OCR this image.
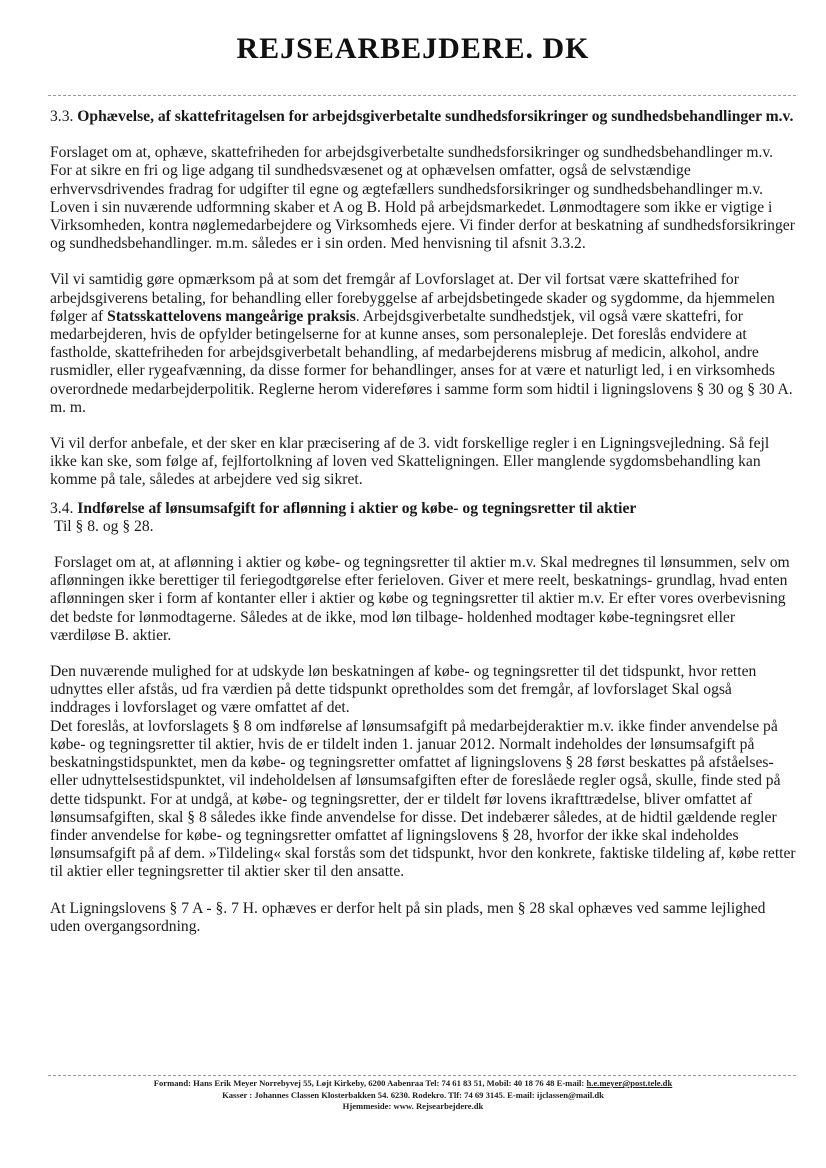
REJSEARBEJDERE. DK

3.3. Ophævelse, af skattefritagelsen for arbejdsgiverbetalte sundhedsforsikringer og sundhedsbehandlinger m.v.

Forslaget om at, ophæve, skattefriheden for arbejdsgiverbetalte sundhedsforsikringer og sundhedsbehandlinger m.v. For at sikre en fri og lige adgang til sundhedsvæsenet og at ophævelsen omfatter, også de selvstændige erhvervsdrivendes fradrag for udgifter til egne og ægtefællers sundhedsforsikringer og sundhedsbehandlinger m.v.

Loven i sin nuværende udformning skaber et A og B. Hold på arbejdsmarkedet. Lønmodtagere som ikke er vigtige i Virksomheden, kontra nøglemedarbejdere og Virksomheds ejere. Vi finder derfor at beskatning af sundhedsforsikringer og sundhedsbehandlinger. m.m. således er i sin orden. Med henvisning til afsnit 3.3.2.

Vil vi samtidig gøre opmærksom på at som det fremgår af Lovforslaget at. Der vil fortsat være skattefrihed for arbejdsgiverens betaling, for behandling eller forebyggelse af arbejdsbetingede skader og sygdomme, da hjemmelen følger af Statsskattelovens mangeårige praksis. Arbejdsgiverbetalte sundhedstjek, vil også være skattefri, for medarbejderen, hvis de opfylder betingelserne for at kunne anses, som personalepleje. Det foreslås endvidere at fastholde, skattefriheden for arbejdsgiverbetalt behandling, af medarbejderens misbrug af medicin, alkohol, andre rusmidler, eller rygeafvænning, da disse former for behandlinger, anses for at være et naturligt led, i en virksomheds overordnede medarbejderpolitik. Reglerne herom videreføres i samme form som hidtil i ligningslovens § 30 og § 30 A. m. m.

Vi vil derfor anbefale, et der sker en klar præcisering af de 3. vidt forskellige regler i en Ligningsvejledning. Så fejl ikke kan ske, som følge af, fejlfortolkning af loven ved Skatteligningen. Eller manglende sygdomsbehandling kan komme på tale, således at arbejdere ved sig sikret.

3.4. Indførelse af lønsumsafgift for aflønning i aktier og købe- og tegningsretter til aktier

Til § 8. og § 28.

Forslaget om at, at aflønning i aktier og købe- og tegningsretter til aktier m.v. Skal medregnes til lønsummen, selv om aflønningen ikke berettiger til feriegodtgørelse efter ferieloven. Giver et mere reelt, beskatnings- grundlag, hvad enten aflønningen sker i form af kontanter eller i aktier og købe og tegningsretter til aktier m.v. Er efter vores overbevisning det bedste for lønmodtagerne. Således at de ikke, mod løn tilbage- holdenhed modtager købe-tegningsret eller værdiløse B. aktier.

Den nuværende mulighed for at udskyde løn beskatningen af købe- og tegningsretter til det tidspunkt, hvor retten udnyttes eller afstås, ud fra værdien på dette tidspunkt opretholdes som det fremgår, af lovforslaget Skal også inddrages i lovforslaget og være omfattet af det.

Det foreslås, at lovforslagets § 8 om indførelse af lønsumsafgift på medarbejderaktier m.v. ikke finder anvendelse på købe- og tegningsretter til aktier, hvis de er tildelt inden 1. januar 2012. Normalt indeholdes der lønsumsafgift på beskatningstidspunktet, men da købe- og tegningsretter omfattet af ligningslovens § 28 først beskattes på afståelses- eller udnyttelsestidspunktet, vil indeholdelsen af lønsumsafgiften efter de foreslåede regler også, skulle, finde sted på dette tidspunkt. For at undgå, at købe- og tegningsretter, der er tildelt før lovens ikrafttrædelse, bliver omfattet af lønsumsafgiften, skal § 8 således ikke finde anvendelse for disse. Det indebærer således, at de hidtil gældende regler finder anvendelse for købe- og tegningsretter omfattet af ligningslovens § 28, hvorfor der ikke skal indeholdes lønsumsafgift på af dem. »Tildeling« skal forstås som det tidspunkt, hvor den konkrete, faktiske tildeling af, købe retter til aktier eller tegningsretter til aktier sker til den ansatte.

At Ligningslovens § 7 A - §. 7 H. ophæves er derfor helt på sin plads, men § 28 skal ophæves ved samme lejlighed uden overgangsordning.

Formand: Hans Erik Meyer Norrebyvej 55, Løjt Kirkeby, 6200 Aabenraa Tel: 74 61 83 51, Mobil: 40 18 76 48 E-mail: h.e.meyer@post.tele.dk
Kasser : Johannes Classen Klosterbakken 54. 6230. Rodekro. Tlf: 74 69 3145. E-mail: ijclassen@mail.dk
Hjemmeside: www. Rejsearbejdere.dk
